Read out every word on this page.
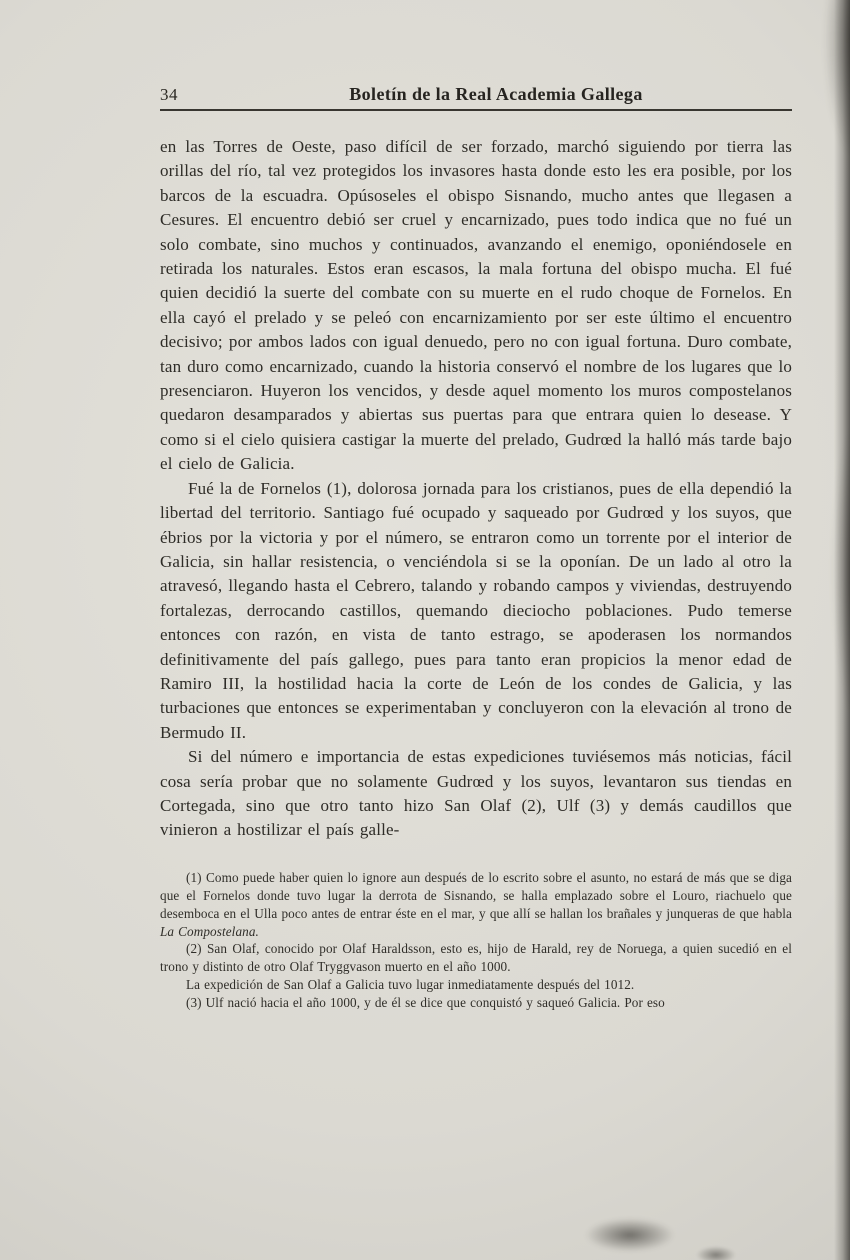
34	Boletín de la Real Academia Gallega

en las Torres de Oeste, paso difícil de ser forzado, marchó siguiendo por tierra las orillas del río, tal vez protegidos los invasores hasta donde esto les era posible, por los barcos de la escuadra. Opúsoseles el obispo Sisnando, mucho antes que llegasen a Cesures. El encuentro debió ser cruel y encarnizado, pues todo indica que no fué un solo combate, sino muchos y continuados, avanzando el enemigo, oponiéndosele en retirada los naturales. Estos eran escasos, la mala fortuna del obispo mucha. El fué quien decidió la suerte del combate con su muerte en el rudo choque de Fornelos. En ella cayó el prelado y se peleó con encarnizamiento por ser este último el encuentro decisivo; por ambos lados con igual denuedo, pero no con igual fortuna. Duro combate, tan duro como encarnizado, cuando la historia conservó el nombre de los lugares que lo presenciaron. Huyeron los vencidos, y desde aquel momento los muros compostelanos quedaron desamparados y abiertas sus puertas para que entrara quien lo desease. Y como si el cielo quisiera castigar la muerte del prelado, Gudrœd la halló más tarde bajo el cielo de Galicia.

Fué la de Fornelos (1), dolorosa jornada para los cristianos, pues de ella dependió la libertad del territorio. Santiago fué ocupado y saqueado por Gudrœd y los suyos, que ébrios por la victoria y por el número, se entraron como un torrente por el interior de Galicia, sin hallar resistencia, o venciéndola si se la oponían. De un lado al otro la atravesó, llegando hasta el Cebrero, talando y robando campos y viviendas, destruyendo fortalezas, derrocando castillos, quemando dieciocho poblaciones. Pudo temerse entonces con razón, en vista de tanto estrago, se apoderasen los normandos definitivamente del país gallego, pues para tanto eran propicios la menor edad de Ramiro III, la hostilidad hacia la corte de León de los condes de Galicia, y las turbaciones que entonces se experimentaban y concluyeron con la elevación al trono de Bermudo II.

Si del número e importancia de estas expediciones tuviésemos más noticias, fácil cosa sería probar que no solamente Gudrœd y los suyos, levantaron sus tiendas en Cortegada, sino que otro tanto hizo San Olaf (2), Ulf (3) y demás caudillos que vinieron a hostilizar el país galle-

(1) Como puede haber quien lo ignore aun después de lo escrito sobre el asunto, no estará de más que se diga que el Fornelos donde tuvo lugar la derrota de Sisnando, se halla emplazado sobre el Louro, riachuelo que desemboca en el Ulla poco antes de entrar éste en el mar, y que allí se hallan los brañales y junqueras de que habla La Compostelana.

(2) San Olaf, conocido por Olaf Haraldsson, esto es, hijo de Harald, rey de Noruega, a quien sucedió en el trono y distinto de otro Olaf Tryggvason muerto en el año 1000.

La expedición de San Olaf a Galicia tuvo lugar inmediatamente después del 1012.

(3) Ulf nació hacia el año 1000, y de él se dice que conquistó y saqueó Galicia. Por eso
